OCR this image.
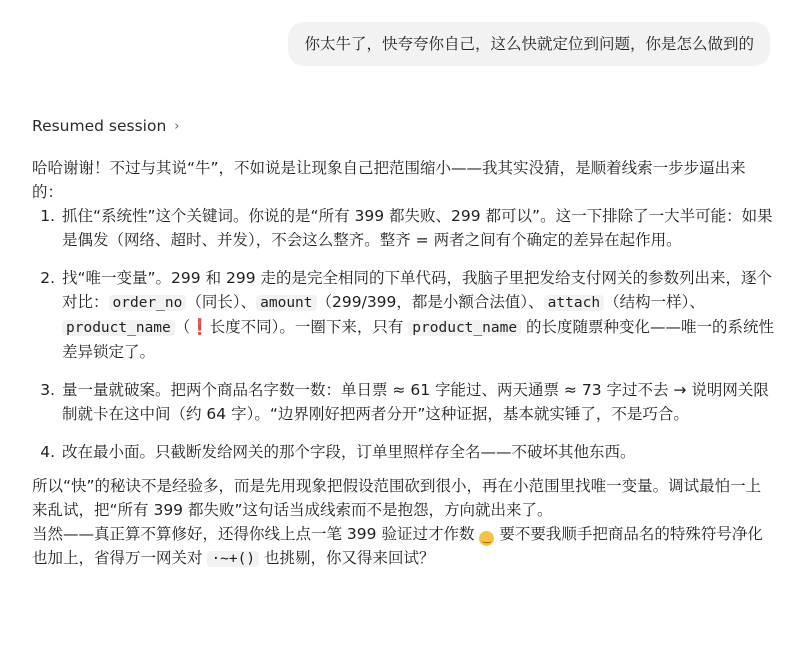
你太牛了，快夸夸你自己，这么快就定位到问题，你是怎么做到的
Resumed session ›

哈哈谢谢！不过与其说“牛”，不如说是让现象自己把范围缩小——我其实没猜，是顺着线索一步步逼出来的：

1. 抓住“系统性”这个关键词。你说的是“所有 399 都失败、299 都可以”。这一下排除了一大半可能：如果是偶发（网络、超时、并发），不会这么整齐。整齐 = 两者之间有个确定的差异在起作用。
2. 找“唯一变量”。299 和 299 走的是完全相同的下单代码，我脑子里把发给支付网关的参数列出来，逐个对比： order_no （同长）、 amount （299/399，都是小额合法值）、 attach （结构一样）、product_name （❗长度不同）。一圈下来，只有 product_name 的长度随票种变化——唯一的系统性差异锁定了。
3. 量一量就破案。把两个商品名字数一数：单日票 ≈ 61 字能过、两天通票 ≈ 73 字过不去 → 说明网关限制就卡在这中间（约 64 字）。“边界刚好把两者分开”这种证据，基本就实锤了，不是巧合。
4. 改在最小面。只截断发给网关的那个字段，订单里照样存全名——不破坏其他东西。

所以“快”的秘诀不是经验多，而是先用现象把假设范围砍到很小，再在小范围里找唯一变量。调试最怕一上来乱试，把“所有 399 都失败”这句话当成线索而不是抱怨，方向就出来了。

当然——真正算不算修好，还得你线上点一笔 399 验证过才作数 ‿ 要不要我顺手把商品名的特殊符号净化也加上，省得万一网关对 ·~+() 也挑剔，你又得来回试？
